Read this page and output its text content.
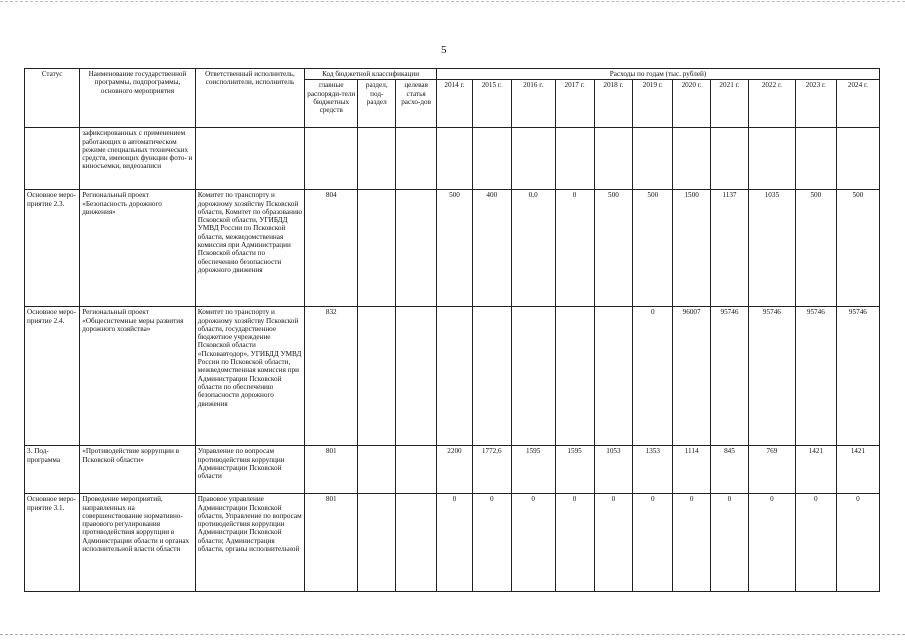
5
Статус	Наименование государственной программы, подпрограммы, основного мероприятия	Ответственный исполнитель, соисполнители, исполнитель	Код бюджетной классификации			Расходы по годам (тыс. рублей)										
			главные распоряди-тели бюджетных средств	раздел, под-раздел	целевая статья расхо-дов	2014 г.	2015 г.	2016 г.	2017 г.	2018 г.	2019 г.	2020 г.	2021 г.	2022 г.	2023 г.	2024 г.
	зафиксированных с применением работающих в автоматическом режиме специальных технических средств, имеющих функции фото- и киносъемки, видеозаписи															
Основное меро-приятие 2.3.	Региональный проект «Безопасность дорожного движения»	Комитет по транспорту и дорожному хозяйству Псковской области, Комитет по образованию Псковской области, УГИБДД УМВД России по Псковской области, межведомственная комиссия при Администрации Псковской области по обеспечению безопасности дорожного движения	804			500	400	0,0	0	500	500	1500	1137	1035	500	500
Основное меро-приятие 2.4.	Региональный проект «Общесистемные меры развития дорожного хозяйства»	Комитет по транспорту и дорожному хозяйству Псковской области, государственное бюджетное учреждение Псковской области «Псковавтодор», УГИБДД УМВД России по Псковской области, межведомственная комиссия при Администрации Псковской области по обеспечению безопасности дорожного движения	832								0	96007	95746	95746	95746	95746
3. Под-программа	«Противодействие коррупции в Псковской области»	Управление по вопросам противодействия коррупции Администрации Псковской области	801			2200	1772,6	1595	1595	1053	1353	1114	845	769	1421	1421
Основное меро-приятие 3.1.	Проведение мероприятий, направленных на совершенствование нормативно-правового регулирования противодействия коррупции в Администрации области и органах исполнительной власти области	Правовое управление Администрации Псковской области, Управление по вопросам противодействия коррупции Администрации Псковской области; Администрация области, органы исполнительной	801			0	0	0	0	0	0	0	0	0	0	0
